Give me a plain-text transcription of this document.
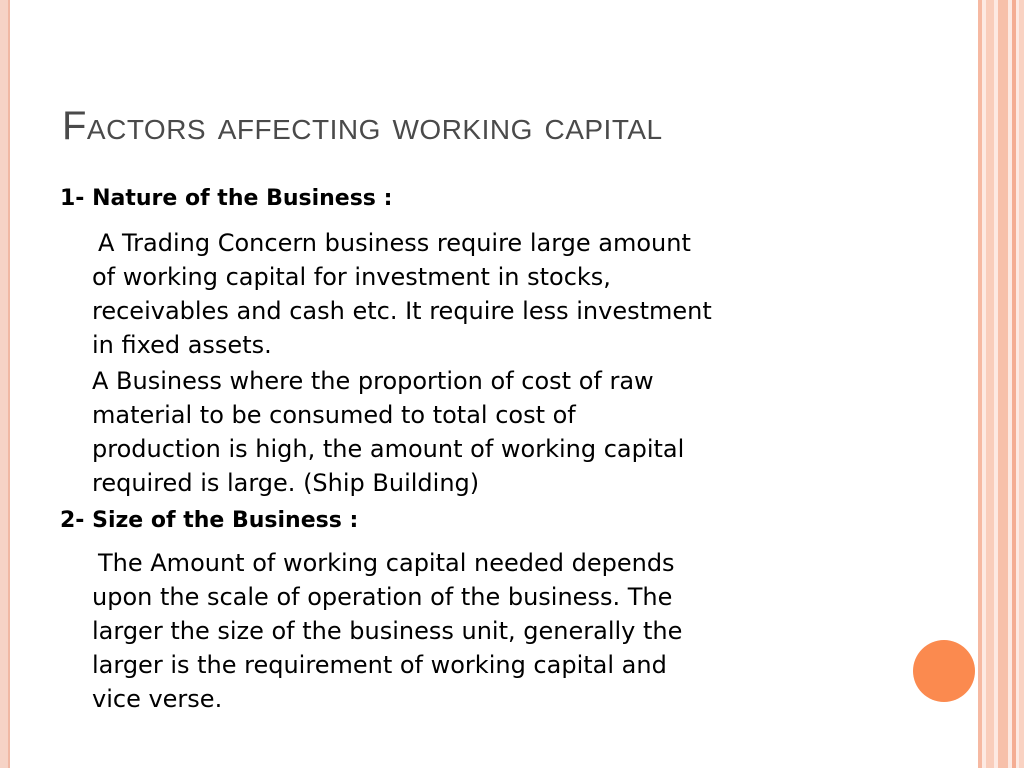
Factors affecting working capital
1- Nature of the Business :
A Trading Concern business require large amount
of working capital for investment in stocks,
receivables and cash etc. It require less investment
in fixed assets.
A Business where the proportion of cost of raw
material to be consumed to total cost of
production is high, the amount of working capital
required is large. (Ship Building)
2- Size of the Business :
The Amount of working capital needed depends
upon the scale of operation of the business. The
larger the size of the business unit, generally the
larger is the requirement of working capital and
vice verse.
